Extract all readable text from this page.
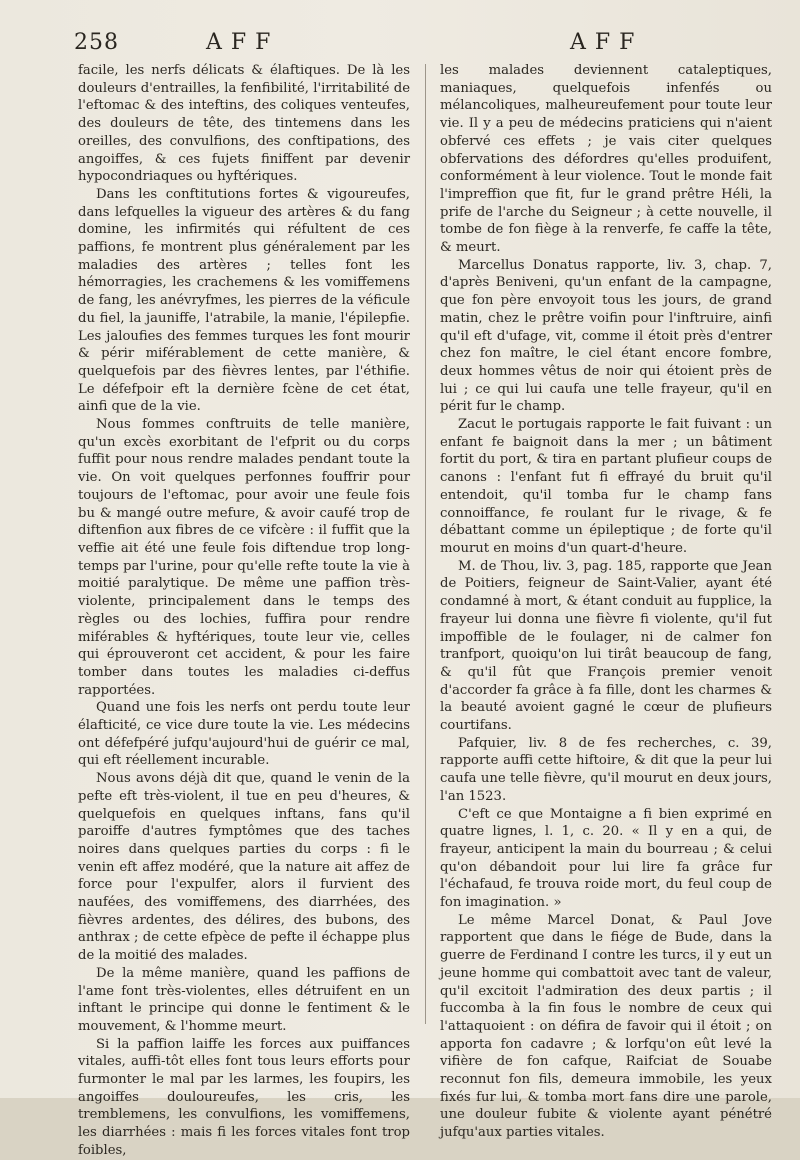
258	AFF	AFF

facile, les nerfs délicats & élaftiques. De là les douleurs d'entrailles, la fenfibilité, l'irritabilité de l'eftomac & des inteftins, des coliques venteufes, des douleurs de tête, des tintemens dans les oreilles, des convulfions, des conftipations, des angoiffes, & ces fujets finiffent par devenir hypocondriaques ou hyftériques.

Dans les conftitutions fortes & vigoureufes, dans lefquelles la vigueur des artères & du fang domine, les infirmités qui réfultent de ces paffions, fe montrent plus généralement par les maladies des artères ; telles font les hémorragies, les crachemens & les vomiffemens de fang, les anévryfmes, les pierres de la véficule du fiel, la jauniffe, l'atrabile, la manie, l'épilepfie. Les jaloufies des femmes turques les font mourir & périr miférablement de cette manière, & quelquefois par des fièvres lentes, par l'éthifie. Le défefpoir eft la dernière fcène de cet état, ainfi que de la vie.

Nous fommes conftruits de telle manière, qu'un excès exorbitant de l'efprit ou du corps fuffit pour nous rendre malades pendant toute la vie. On voit quelques perfonnes fouffrir pour toujours de l'eftomac, pour avoir une feule fois bu & mangé outre mefure, & avoir caufé trop de diftenfion aux fibres de ce vifcère : il fuffit que la veffie ait été une feule fois diftendue trop long-temps par l'urine, pour qu'elle refte toute la vie à moitié paralytique. De même une paffion très-violente, principalement dans le temps des règles ou des lochies, fuffira pour rendre miférables & hyftériques, toute leur vie, celles qui éprouveront cet accident, & pour les faire tomber dans toutes les maladies ci-deffus rapportées.

Quand une fois les nerfs ont perdu toute leur élafticité, ce vice dure toute la vie. Les médecins ont défefpéré jufqu'aujourd'hui de guérir ce mal, qui eft réellement incurable.

Nous avons déjà dit que, quand le venin de la pefte eft très-violent, il tue en peu d'heures, & quelquefois en quelques inftans, fans qu'il paroiffe d'autres fymptômes que des taches noires dans quelques parties du corps : fi le venin eft affez modéré, que la nature ait affez de force pour l'expulfer, alors il furvient des naufées, des vomiffemens, des diarrhées, des fièvres ardentes, des délires, des bubons, des anthrax ; de cette efpèce de pefte il échappe plus de la moitié des malades.

De la même manière, quand les paffions de l'ame font très-violentes, elles détruifent en un inftant le principe qui donne le fentiment & le mouvement, & l'homme meurt.

Si la paffion laiffe les forces aux puiffances vitales, auffi-tôt elles font tous leurs efforts pour furmonter le mal par les larmes, les foupirs, les angoiffes douloureufes, les cris, les tremblemens, les convulfions, les vomiffemens, les diarrhées : mais fi les forces vitales font trop foibles,

les malades deviennent cataleptiques, maniaques, quelquefois infenfés ou mélancoliques, malheureufement pour toute leur vie. Il y a peu de médecins praticiens qui n'aient obfervé ces effets ; je vais citer quelques obfervations des défordres qu'elles produifent, conformément à leur violence. Tout le monde fait l'impreffion que fit, fur le grand prêtre Héli, la prife de l'arche du Seigneur ; à cette nouvelle, il tombe de fon fiège à la renverfe, fe caffe la tête, & meurt.

Marcellus Donatus rapporte, liv. 3, chap. 7, d'après Beniveni, qu'un enfant de la campagne, que fon père envoyoit tous les jours, de grand matin, chez le prêtre voifin pour l'inftruire, ainfi qu'il eft d'ufage, vit, comme il étoit près d'entrer chez fon maître, le ciel étant encore fombre, deux hommes vêtus de noir qui étoient près de lui ; ce qui lui caufa une telle frayeur, qu'il en périt fur le champ.

Zacut le portugais rapporte le fait fuivant : un enfant fe baignoit dans la mer ; un bâtiment fortit du port, & tira en partant plufieur coups de canons : l'enfant fut fi effrayé du bruit qu'il entendoit, qu'il tomba fur le champ fans connoiffance, fe roulant fur le rivage, & fe débattant comme un épileptique ; de forte qu'il mourut en moins d'un quart-d'heure.

M. de Thou, liv. 3, pag. 185, rapporte que Jean de Poitiers, feigneur de Saint-Valier, ayant été condamné à mort, & étant conduit au fupplice, la frayeur lui donna une fièvre fi violente, qu'il fut impoffible de le foulager, ni de calmer fon tranfport, quoiqu'on lui tirât beaucoup de fang, & qu'il fût que François premier venoit d'accorder fa grâce à fa fille, dont les charmes & la beauté avoient gagné le cœur de plufieurs courtifans.

Pafquier, liv. 8 de fes recherches, c. 39, rapporte auffi cette hiftoire, & dit que la peur lui caufa une telle fièvre, qu'il mourut en deux jours, l'an 1523.

C'eft ce que Montaigne a fi bien exprimé en quatre lignes, l. 1, c. 20. « Il y en a qui, de frayeur, anticipent la main du bourreau ; & celui qu'on débandoit pour lui lire fa grâce fur l'échafaud, fe trouva roide mort, du feul coup de fon imagination. »

Le même Marcel Donat, & Paul Jove rapportent que dans le fiége de Bude, dans la guerre de Ferdinand I contre les turcs, il y eut un jeune homme qui combattoit avec tant de valeur, qu'il excitoit l'admiration des deux partis ; il fuccomba à la fin fous le nombre de ceux qui l'attaquoient : on défira de favoir qui il étoit ; on apporta fon cadavre ; & lorfqu'on eût levé la vifière de fon cafque, Raifciat de Souabe reconnut fon fils, demeura immobile, les yeux fixés fur lui, & tomba mort fans dire une parole, une douleur fubite & violente ayant pénétré jufqu'aux parties vitales.
